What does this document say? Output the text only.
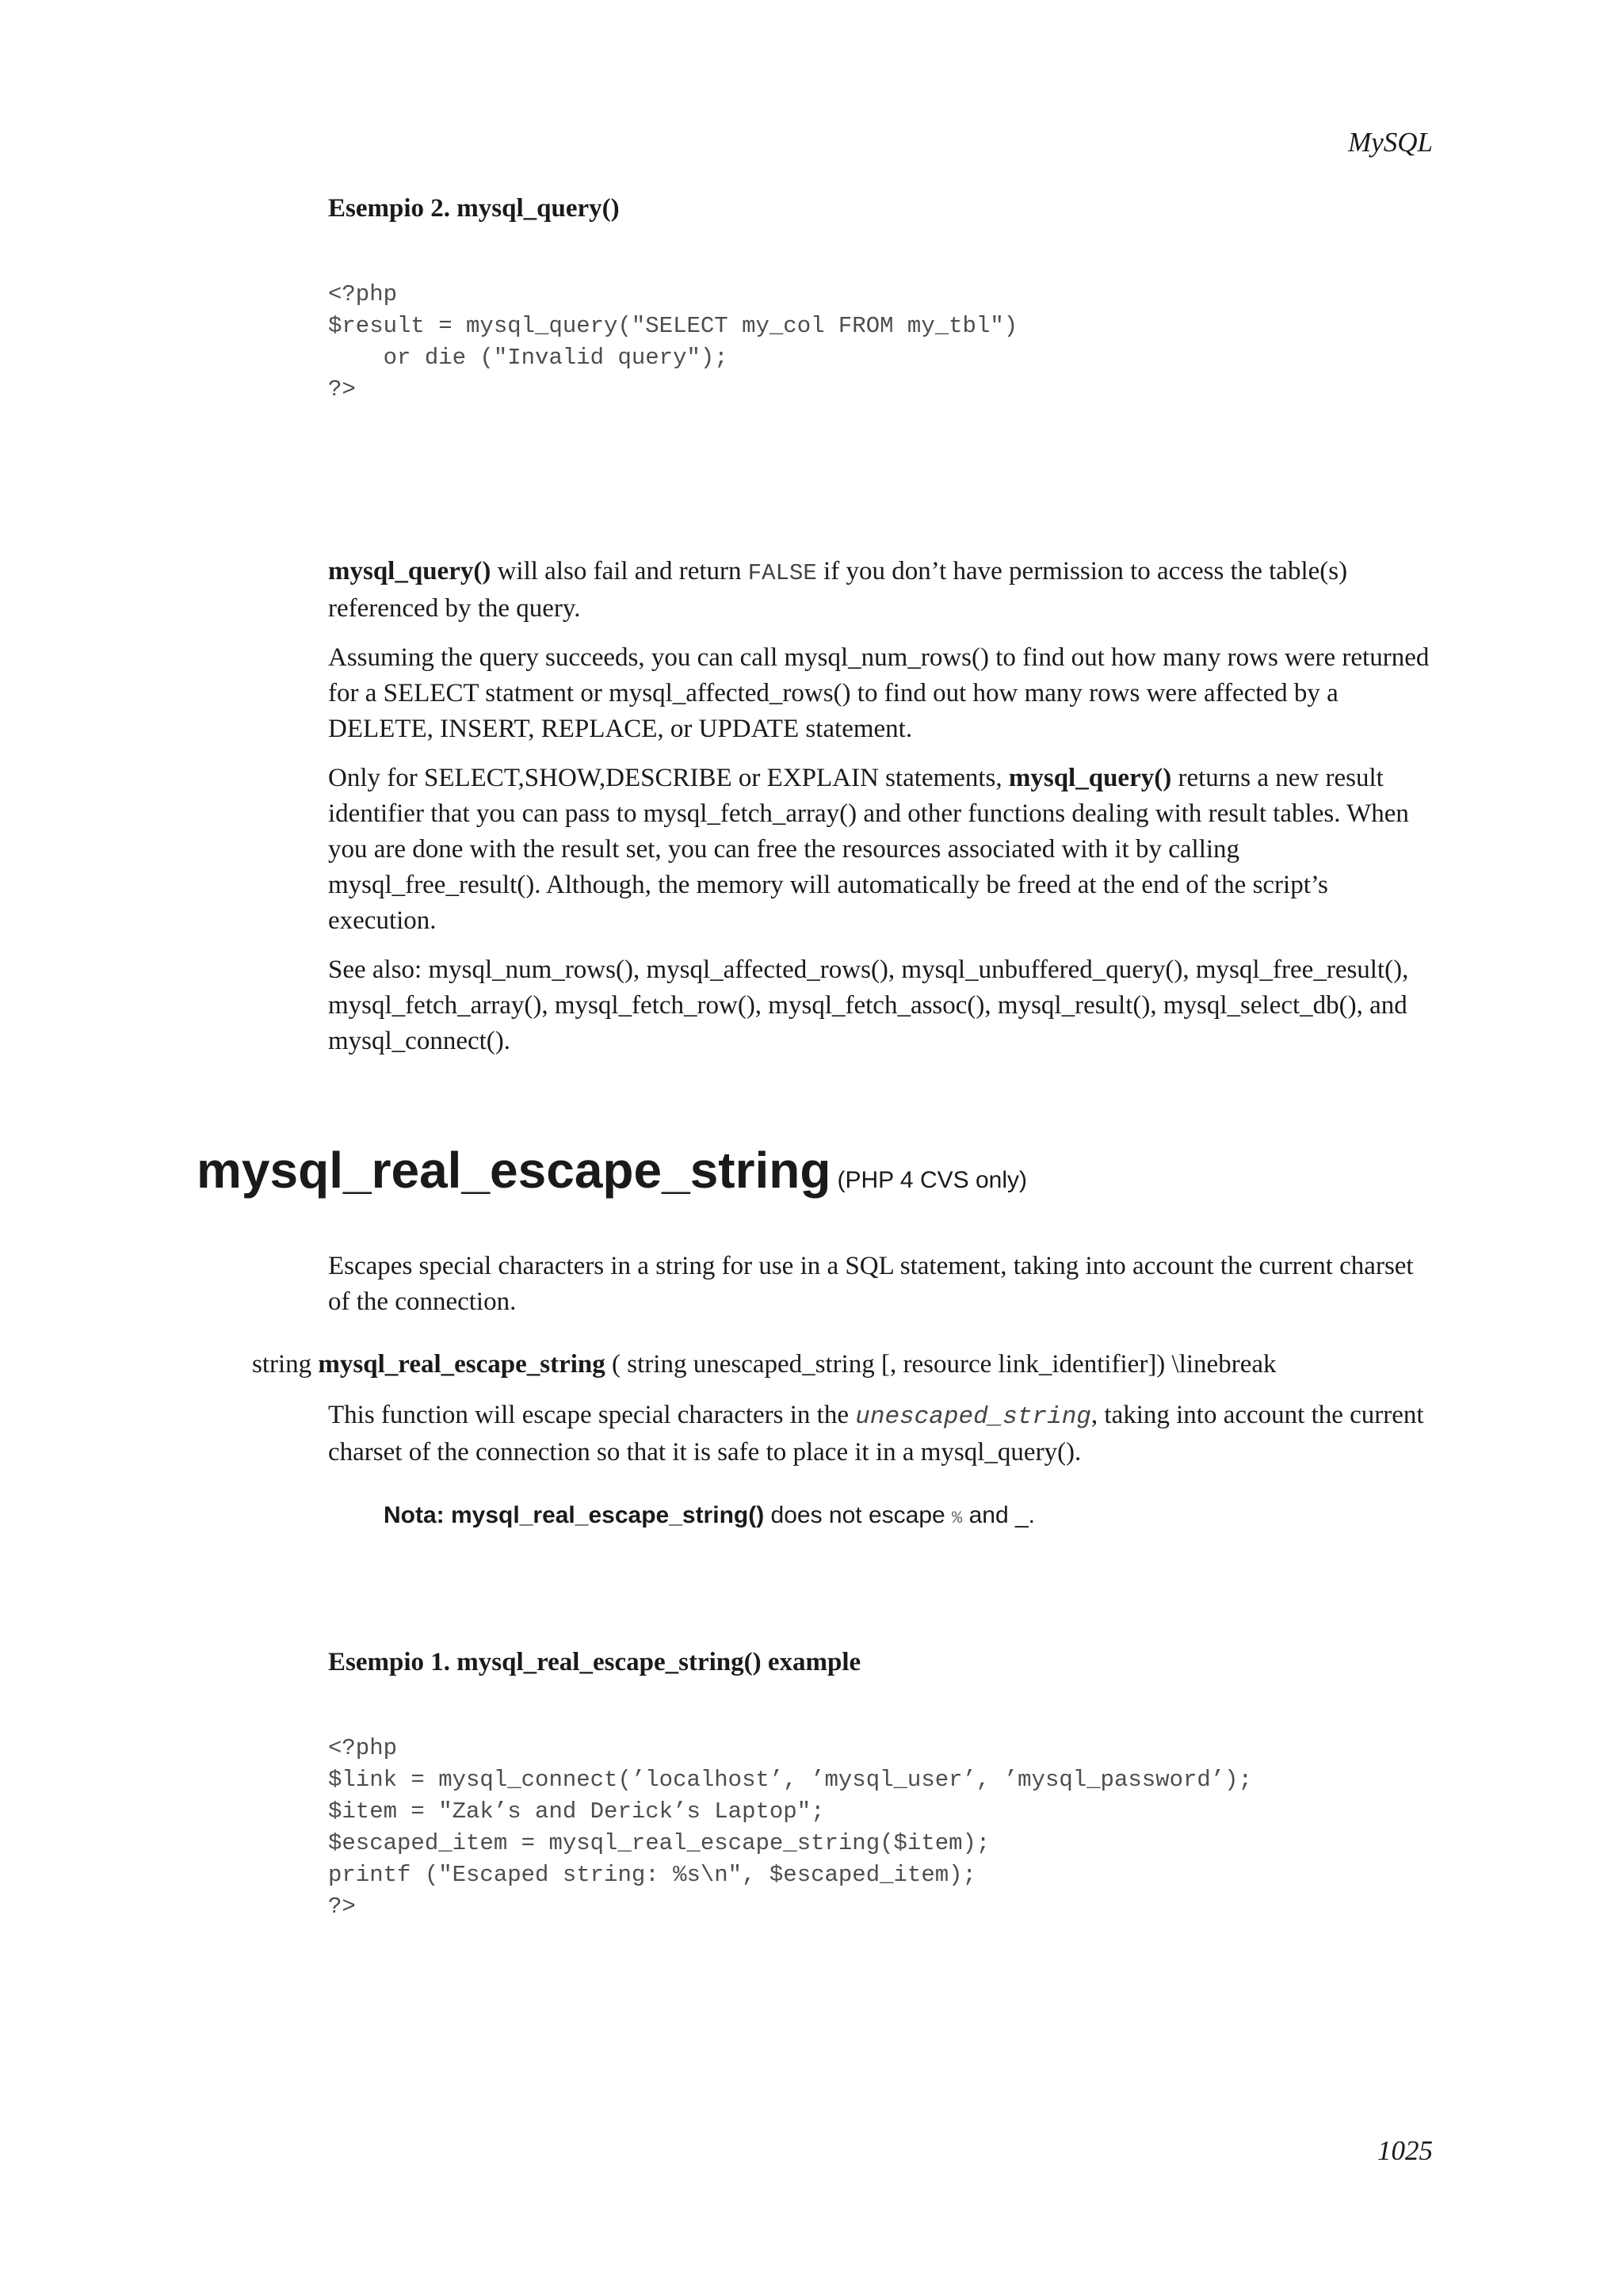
MySQL
Esempio 2. mysql_query()
<?php
$result = mysql_query("SELECT my_col FROM my_tbl")
or die ("Invalid query");
?>

mysql_query() will also fail and return FALSE if you don’t have permission to access the table(s) referenced by the query.

Assuming the query succeeds, you can call mysql_num_rows() to find out how many rows were returned for a SELECT statment or mysql_affected_rows() to find out how many rows were affected by a DELETE, INSERT, REPLACE, or UPDATE statement.

Only for SELECT,SHOW,DESCRIBE or EXPLAIN statements, mysql_query() returns a new result identifier that you can pass to mysql_fetch_array() and other functions dealing with result tables. When you are done with the result set, you can free the resources associated with it by calling mysql_free_result(). Although, the memory will automatically be freed at the end of the script’s execution.

See also: mysql_num_rows(), mysql_affected_rows(), mysql_unbuffered_query(), mysql_free_result(), mysql_fetch_array(), mysql_fetch_row(), mysql_fetch_assoc(), mysql_result(), mysql_select_db(), and mysql_connect().

mysql_real_escape_string (PHP 4 CVS only)

Escapes special characters in a string for use in a SQL statement, taking into account the current charset of the connection.

string mysql_real_escape_string ( string unescaped_string [, resource link_identifier]) \linebreak

This function will escape special characters in the unescaped_string, taking into account the current charset of the connection so that it is safe to place it in a mysql_query().

Nota: mysql_real_escape_string() does not escape % and _.
Esempio 1. mysql_real_escape_string() example
<?php
$link = mysql_connect(’localhost’, ’mysql_user’, ’mysql_password’);
$item = "Zak’s and Derick’s Laptop";
$escaped_item = mysql_real_escape_string($item);
printf ("Escaped string: %s\n", $escaped_item);
?>
1025
